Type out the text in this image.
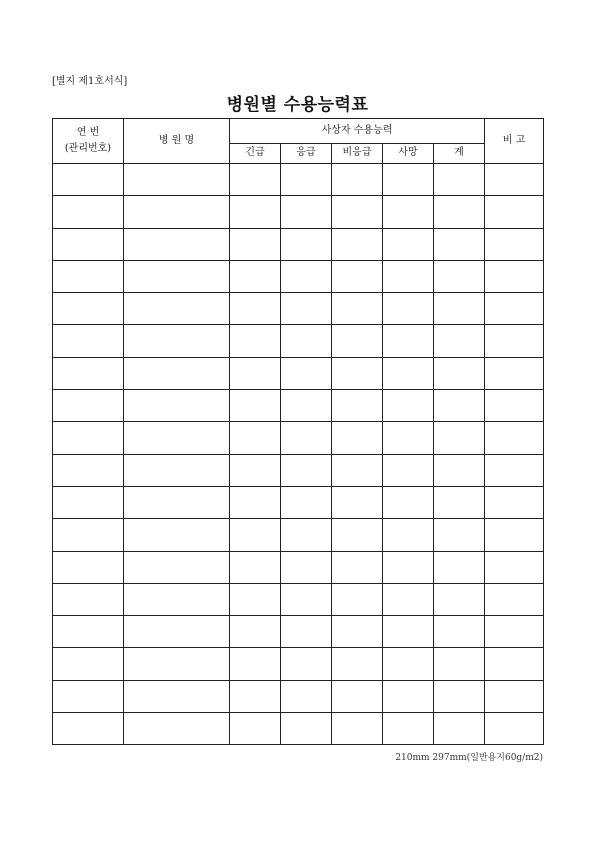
[별지 제1호서식]
병원별 수용능력표
연 번
(관리번호)	병 원 명	사상자 수용능력					비 고
		긴급	응급	비응급	사망	계	

210mm 297mm(일반용지60g/m2)
